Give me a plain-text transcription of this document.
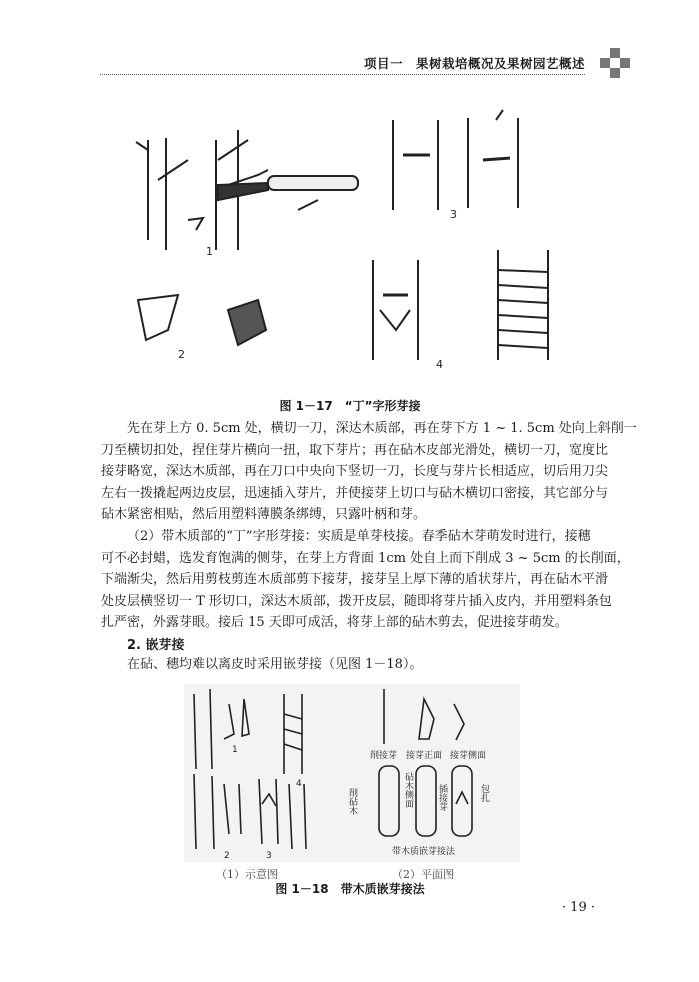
项目一　果树栽培概况及果树园艺概述
1
2
3
4
图 1－17　“丁”字形芽接
先在芽上方 0. 5cm 处，横切一刀，深达木质部，再在芽下方 1 ~ 1. 5cm 处向上斜削一
刀至横切扣处，捏住芽片横向一扭，取下芽片；再在砧木皮部光滑处，横切一刀，宽度比
接芽略宽，深达木质部，再在刀口中央向下竖切一刀，长度与芽片长相适应，切后用刀尖
左右一拨撬起两边皮层，迅速插入芽片，并使接芽上切口与砧木横切口密接，其它部分与
砧木紧密相贴，然后用塑料薄膜条绑缚，只露叶柄和芽。
（2）带木质部的“丁”字形芽接：实质是单芽枝接。春季砧木芽萌发时进行，接穗
可不必封蜡，选发育饱满的侧芽，在芽上方背面 1cm 处自上而下削成 3 ~ 5cm 的长削面，
下端渐尖，然后用剪枝剪连木质部剪下接芽，接芽呈上厚下薄的盾状芽片，再在砧木平滑
处皮层横竖切一 T 形切口，深达木质部，拨开皮层，随即将芽片插入皮内，并用塑料条包
扎严密，外露芽眼。接后 15 天即可成活，将芽上部的砧木剪去，促进接芽萌发。
2. 嵌芽接
在砧、穗均难以离皮时采用嵌芽接（见图 1－18）。
1
2	3
4
削接芽 接芽正面 接芽侧面
削砧木	砧木侧面	插接芽	包扎
带木质嵌芽接法
（1）示意图	（2）平面图
图 1－18　带木质嵌芽接法
· 19 ·
